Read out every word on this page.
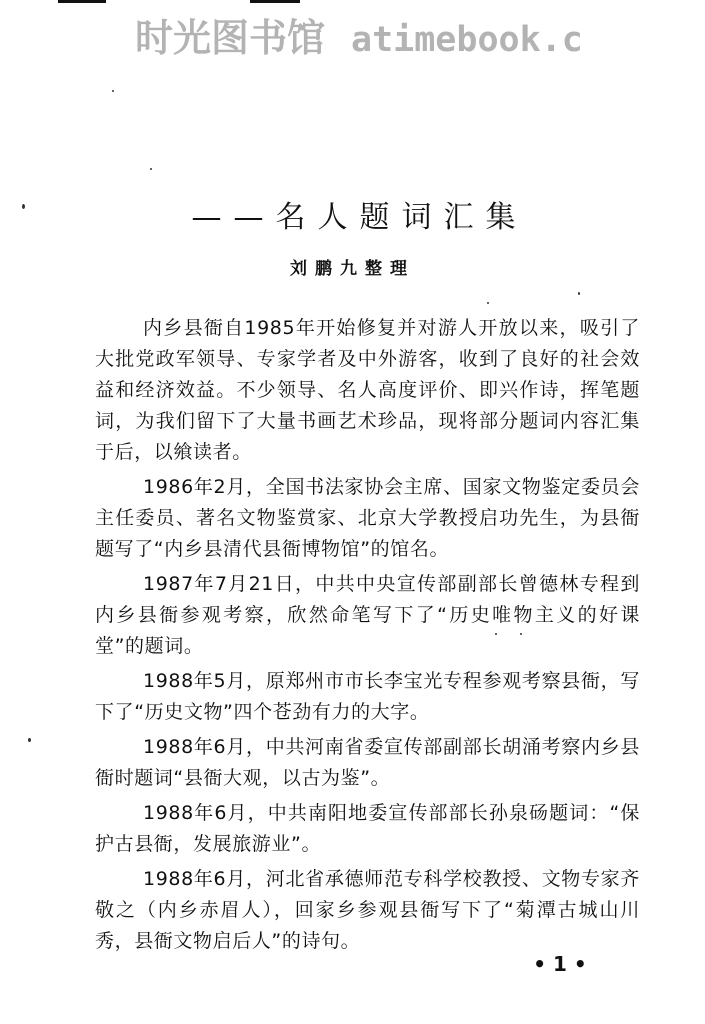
时光图书馆 atimebook.c
——名人题词汇集
刘鹏九整理

内乡县衙自1985年开始修复并对游人开放以来，吸引了大批党政军领导、专家学者及中外游客，收到了良好的社会效益和经济效益。不少领导、名人高度评价、即兴作诗，挥笔题词，为我们留下了大量书画艺术珍品，现将部分题词内容汇集于后，以飨读者。

1986年2月，全国书法家协会主席、国家文物鉴定委员会主任委员、著名文物鉴赏家、北京大学教授启功先生，为县衙题写了“内乡县清代县衙博物馆”的馆名。

1987年7月21日，中共中央宣传部副部长曾德林专程到内乡县衙参观考察，欣然命笔写下了“历史唯物主义的好课堂”的题词。

1988年5月，原郑州市市长李宝光专程参观考察县衙，写下了“历史文物”四个苍劲有力的大字。

1988年6月，中共河南省委宣传部副部长胡涌考察内乡县衙时题词“县衙大观，以古为鉴”。

1988年6月，中共南阳地委宣传部部长孙泉砀题词：“保护古县衙，发展旅游业”。

1988年6月，河北省承德师范专科学校教授、文物专家齐敬之（内乡赤眉人），回家乡参观县衙写下了“菊潭古城山川秀，县衙文物启后人”的诗句。

• 1 •
